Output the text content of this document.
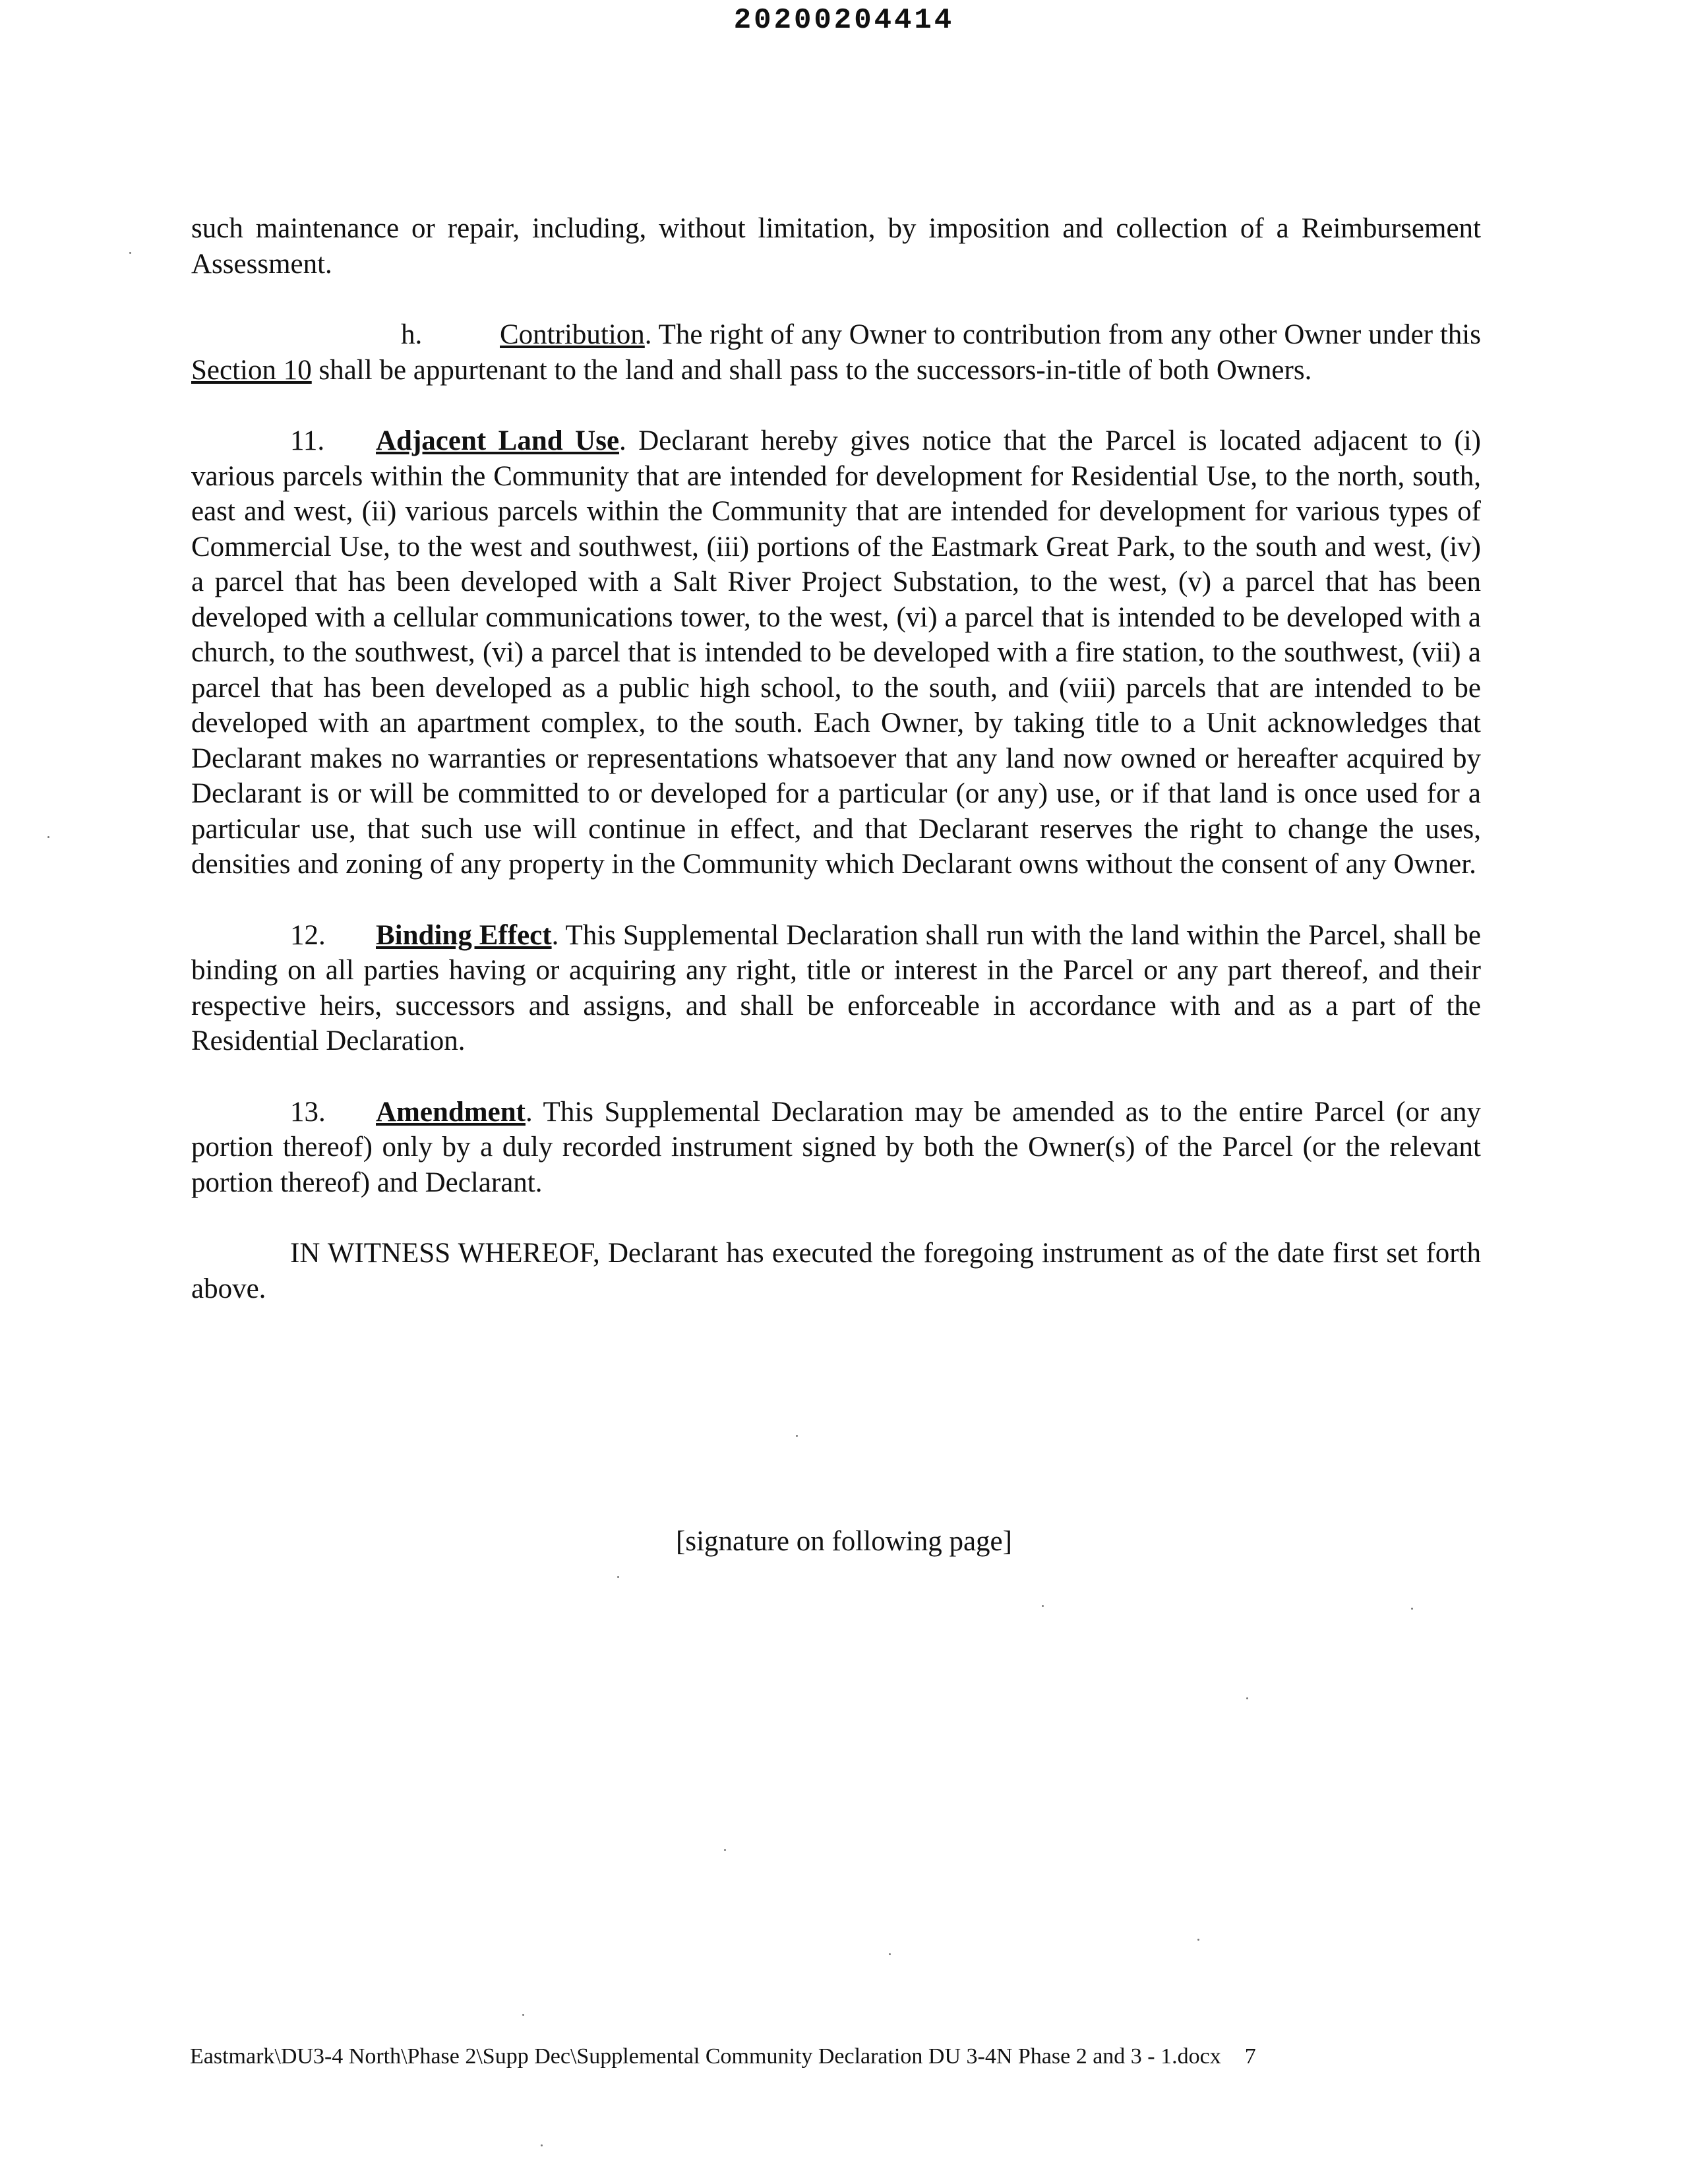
20200204414

such maintenance or repair, including, without limitation, by imposition and collection of a Reimbursement Assessment.

h.	Contribution. The right of any Owner to contribution from any other Owner under this Section 10 shall be appurtenant to the land and shall pass to the successors-in-title of both Owners.

11. Adjacent Land Use. Declarant hereby gives notice that the Parcel is located adjacent to (i) various parcels within the Community that are intended for development for Residential Use, to the north, south, east and west, (ii) various parcels within the Community that are intended for development for various types of Commercial Use, to the west and southwest, (iii) portions of the Eastmark Great Park, to the south and west, (iv) a parcel that has been developed with a Salt River Project Substation, to the west, (v) a parcel that has been developed with a cellular communications tower, to the west, (vi) a parcel that is intended to be developed with a church, to the southwest, (vi) a parcel that is intended to be developed with a fire station, to the southwest, (vii) a parcel that has been developed as a public high school, to the south, and (viii) parcels that are intended to be developed with an apartment complex, to the south. Each Owner, by taking title to a Unit acknowledges that Declarant makes no warranties or representations whatsoever that any land now owned or hereafter acquired by Declarant is or will be committed to or developed for a particular (or any) use, or if that land is once used for a particular use, that such use will continue in effect, and that Declarant reserves the right to change the uses, densities and zoning of any property in the Community which Declarant owns without the consent of any Owner.

12. Binding Effect. This Supplemental Declaration shall run with the land within the Parcel, shall be binding on all parties having or acquiring any right, title or interest in the Parcel or any part thereof, and their respective heirs, successors and assigns, and shall be enforceable in accordance with and as a part of the Residential Declaration.

13. Amendment. This Supplemental Declaration may be amended as to the entire Parcel (or any portion thereof) only by a duly recorded instrument signed by both the Owner(s) of the Parcel (or the relevant portion thereof) and Declarant.

IN WITNESS WHEREOF, Declarant has executed the foregoing instrument as of the date first set forth above.

[signature on following page]
Eastmark\DU3-4 North\Phase 2\Supp Dec\Supplemental Community Declaration DU 3-4N Phase 2 and 3 - 1.docx 7
